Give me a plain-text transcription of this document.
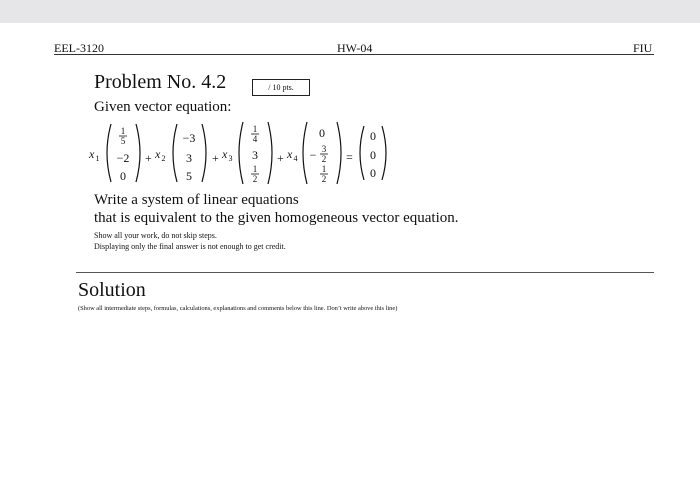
EEL-3120	HW-04	FIU
Problem No. 4.2	/ 10 pts.
Given vector equation:
x 1
1
5
−2
0
+ x 2
−3
3
5
+ x 3
1
4
3
1
2
+ x 4
0
− 3
2
1
2
=
0
0
0
Write a system of linear equations
that is equivalent to the given homogeneous vector equation.
Show all your work, do not skip steps.
Displaying only the final answer is not enough to get credit.
Solution
(Show all intermediate steps, formulas, calculations, explanations and comments below this line. Don’t write above this line)
